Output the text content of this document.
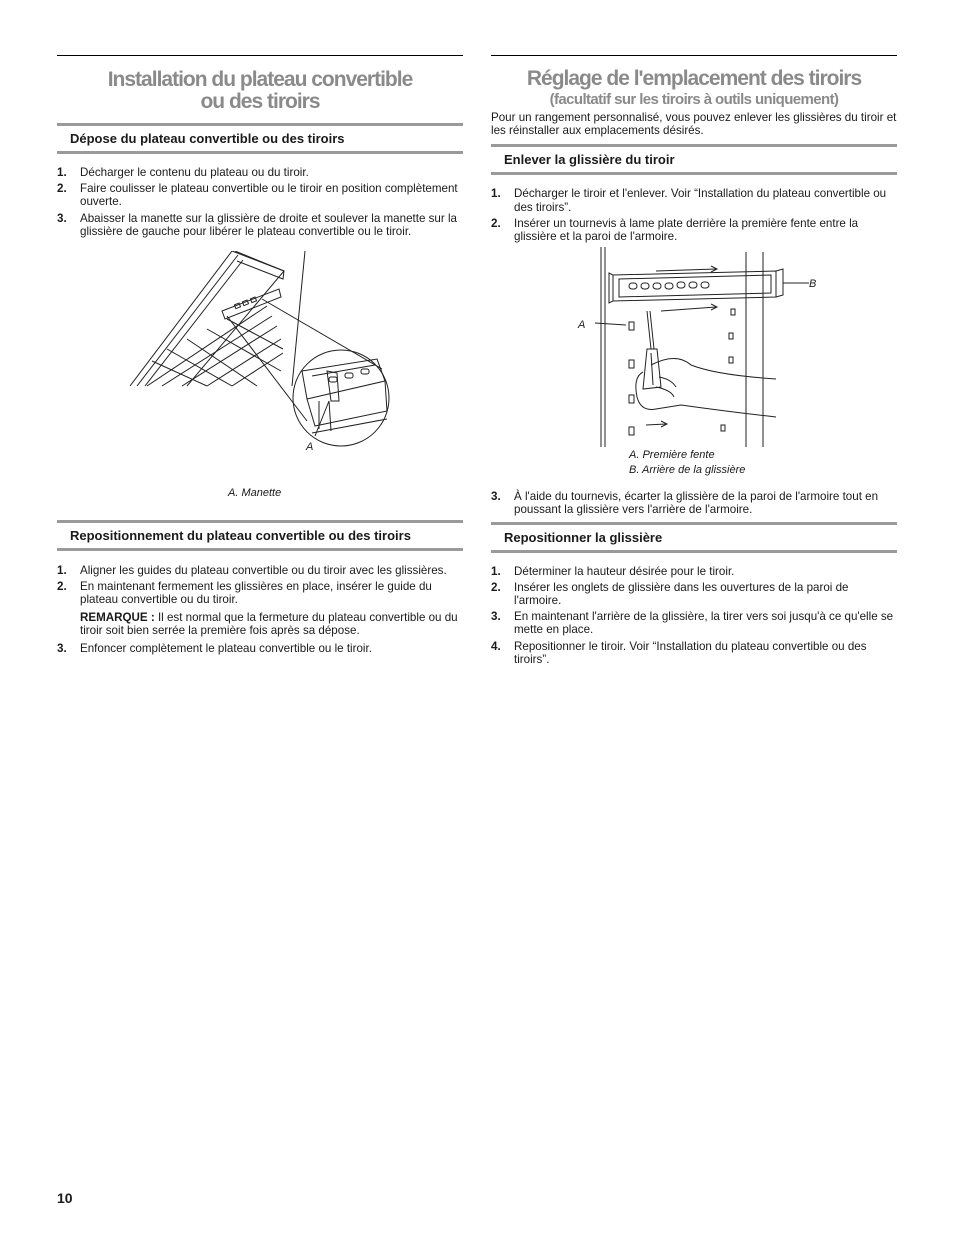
Installation du plateau convertible
ou des tiroirs
Dépose du plateau convertible ou des tiroirs
1.	Décharger le contenu du plateau ou du tiroir.
2.	Faire coulisser le plateau convertible ou le tiroir en position complètement ouverte.
3.	Abaisser la manette sur la glissière de droite et soulever la manette sur la glissière de gauche pour libérer le plateau convertible ou le tiroir.
A
A. Manette
Repositionnement du plateau convertible ou des tiroirs
1.	Aligner les guides du plateau convertible ou du tiroir avec les glissières.
2.	En maintenant fermement les glissières en place, insérer le guide du plateau convertible ou du tiroir.
REMARQUE : Il est normal que la fermeture du plateau convertible ou du tiroir soit bien serrée la première fois après sa dépose.
3.	Enfoncer complètement le plateau convertible ou le tiroir.
Réglage de l'emplacement des tiroirs
(facultatif sur les tiroirs à outils uniquement)

Pour un rangement personnalisé, vous pouvez enlever les glissières du tiroir et les réinstaller aux emplacements désirés.

Enlever la glissière du tiroir
1.	Décharger le tiroir et l'enlever. Voir “Installation du plateau convertible ou des tiroirs”.
2.	Insérer un tournevis à lame plate derrière la première fente entre la glissière et la paroi de l'armoire.
A
B
A. Première fente
B. Arrière de la glissière
3.	À l'aide du tournevis, écarter la glissière de la paroi de l'armoire tout en poussant la glissière vers l'arrière de l'armoire.
Repositionner la glissière
1.	Déterminer la hauteur désirée pour le tiroir.
2.	Insérer les onglets de glissière dans les ouvertures de la paroi de l'armoire.
3.	En maintenant l'arrière de la glissière, la tirer vers soi jusqu'à ce qu'elle se mette en place.
4.	Repositionner le tiroir. Voir “Installation du plateau convertible ou des tiroirs”.
10
